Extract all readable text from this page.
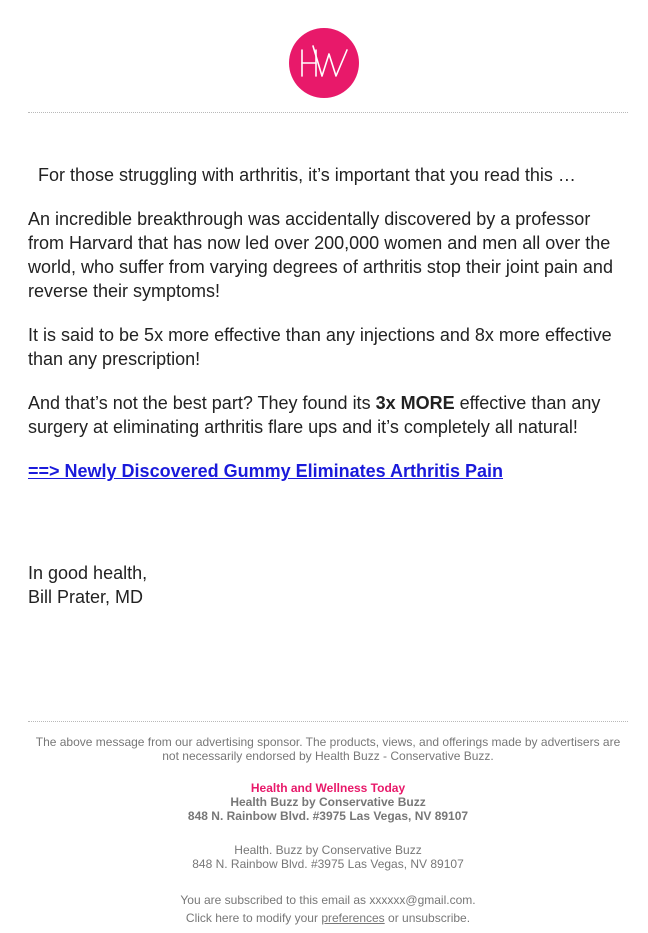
For those struggling with arthritis, it’s important that you read this …

An incredible breakthrough was accidentally discovered by a professor from Harvard that has now led over 200,000 women and men all over the world, who suffer from varying degrees of arthritis stop their joint pain and reverse their symptoms!

It is said to be 5x more effective than any injections and 8x more effective than any prescription!

And that’s not the best part? They found its 3x MORE effective than any surgery at eliminating arthritis flare ups and it’s completely all natural!

==> Newly Discovered Gummy Eliminates Arthritis Pain
In good health,
Bill Prater, MD

The above message from our advertising sponsor. The products, views, and offerings made by advertisers are not necessarily endorsed by Health Buzz - Conservative Buzz.

Health and Wellness Today
Health Buzz by Conservative Buzz
848 N. Rainbow Blvd. #3975 Las Vegas, NV 89107
Health. Buzz by Conservative Buzz
848 N. Rainbow Blvd. #3975 Las Vegas, NV 89107
You are subscribed to this email as xxxxxx@gmail.com.
Click here to modify your preferences or unsubscribe.
